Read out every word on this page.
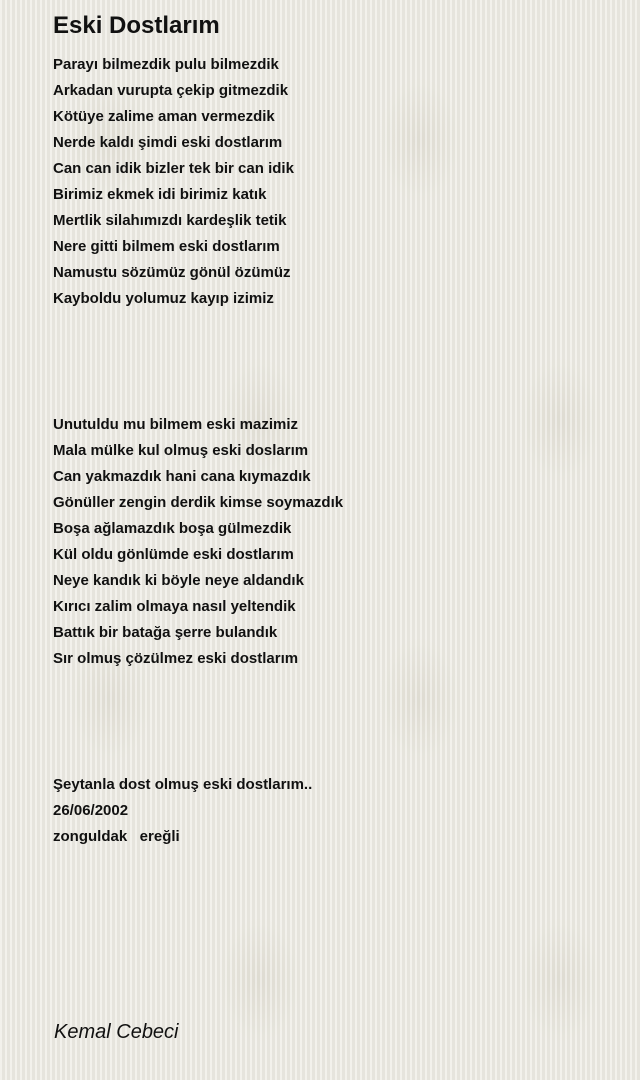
Eski Dostlarım
Parayı bilmezdik pulu bilmezdik
Arkadan vurupta çekip gitmezdik
Kötüye zalime aman vermezdik
Nerde kaldı şimdi eski dostlarım
Can can idik bizler tek bir can idik
Birimiz ekmek idi birimiz katık
Mertlik silahımızdı kardeşlik tetik
Nere gitti bilmem eski dostlarım
Namustu sözümüz gönül özümüz
Kayboldu yolumuz kayıp izimiz
Unutuldu mu bilmem eski mazimiz
Mala mülke kul olmuş eski doslarım
Can yakmazdık hani cana kıymazdık
Gönüller zengin derdik kimse soymazdık
Boşa ağlamazdık boşa gülmezdik
Kül oldu gönlümde eski dostlarım
Neye kandık ki böyle neye aldandık
Kırıcı zalim olmaya nasıl yeltendik
Battık bir batağa şerre bulandık
Sır olmuş çözülmez eski dostlarım
Şeytanla dost olmuş eski dostlarım..
26/06/2002
zonguldak   ereğli
Kemal Cebeci
